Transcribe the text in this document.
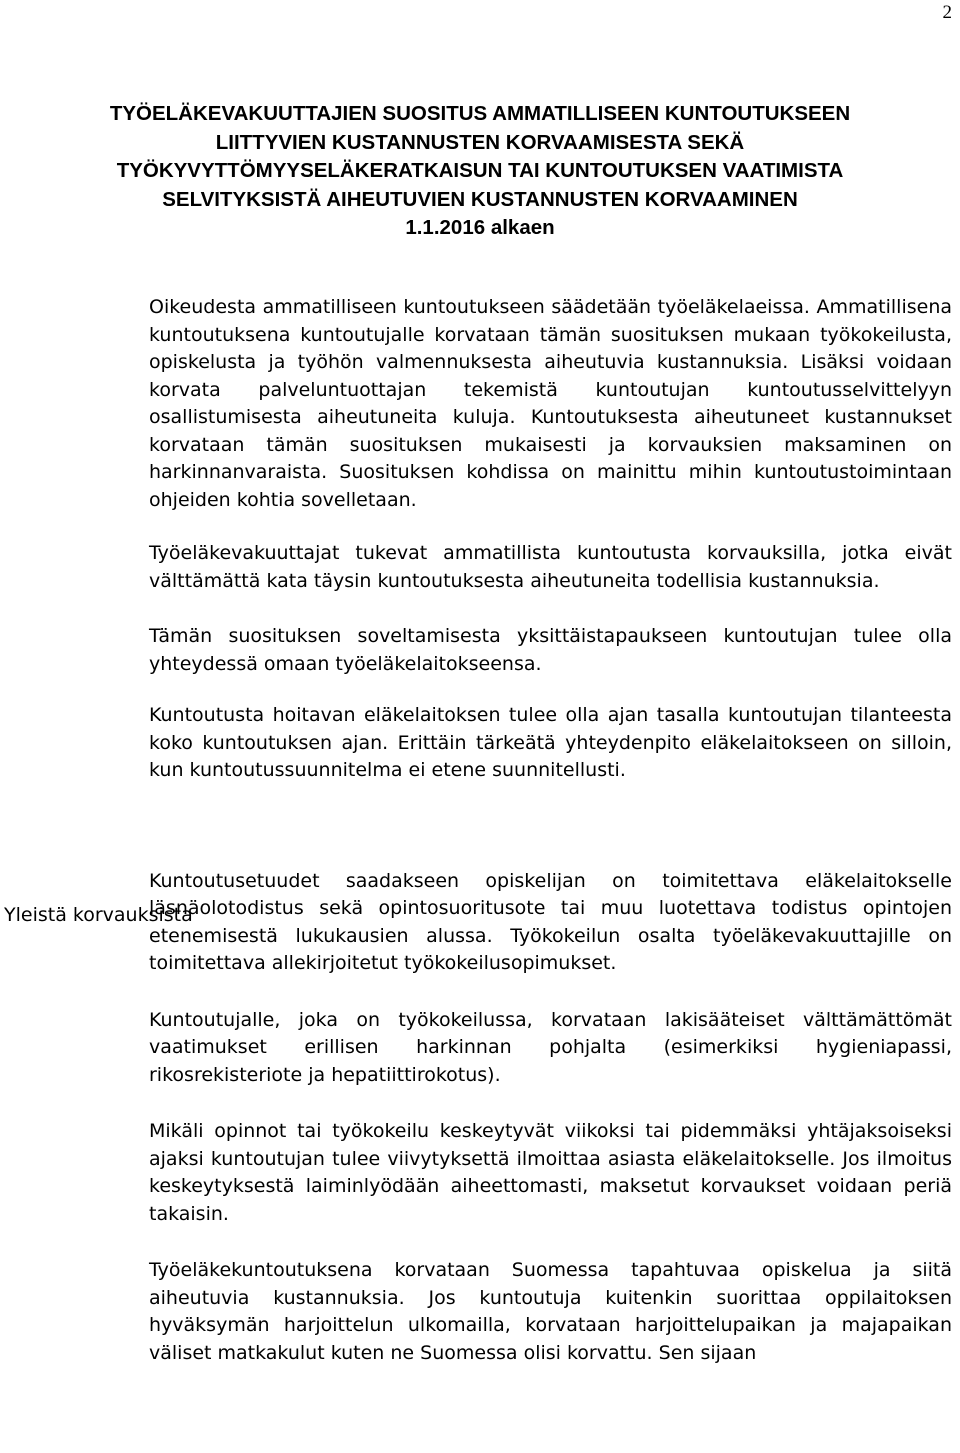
2
TYÖELÄKEVAKUUTTAJIEN SUOSITUS AMMATILLISEEN KUNTOUTUKSEEN
LIITTYVIEN KUSTANNUSTEN KORVAAMISESTA SEKÄ
TYÖKYVYTTÖMYYSELÄKERATKAISUN TAI KUNTOUTUKSEN VAATIMISTA
SELVITYKSISTÄ AIHEUTUVIEN KUSTANNUSTEN KORVAAMINEN
1.1.2016 alkaen
Yleistä korvauksista

Oikeudesta ammatilliseen kuntoutukseen säädetään työeläkelaeissa. Ammatillisena kuntoutuksena kuntoutujalle korvataan tämän suosituksen mukaan työkokeilusta, opiskelusta ja työhön valmennuksesta aiheutuvia kustannuksia. Lisäksi voidaan korvata palveluntuottajan tekemistä kuntoutujan kuntoutusselvittelyyn osallistumisesta aiheutuneita kuluja. Kuntoutuksesta aiheutuneet kustannukset korvataan tämän suosituksen mukaisesti ja korvauksien maksaminen on harkinnanvaraista. Suosituksen kohdissa on mainittu mihin kuntoutustoimintaan ohjeiden kohtia sovelletaan.

Työeläkevakuuttajat tukevat ammatillista kuntoutusta korvauksilla, jotka eivät välttämättä kata täysin kuntoutuksesta aiheutuneita todellisia kustannuksia.

Tämän suosituksen soveltamisesta yksittäistapaukseen kuntoutujan tulee olla yhteydessä omaan työeläkelaitokseensa.

Kuntoutusta hoitavan eläkelaitoksen tulee olla ajan tasalla kuntoutujan tilanteesta koko kuntoutuksen ajan. Erittäin tärkeätä yhteydenpito eläkelaitokseen on silloin, kun kuntoutussuunnitelma ei etene suunnitellusti.

Kuntoutusetuudet saadakseen opiskelijan on toimitettava eläkelaitokselle läsnäolotodistus sekä opintosuoritusote tai muu luotettava todistus opintojen etenemisestä lukukausien alussa. Työkokeilun osalta työeläkevakuuttajille on toimitettava allekirjoitetut työkokeilusopimukset.

Kuntoutujalle, joka on työkokeilussa, korvataan lakisääteiset välttämättömät vaatimukset erillisen harkinnan pohjalta (esimerkiksi hygieniapassi, rikosrekisteriote ja hepatiittirokotus).

Mikäli opinnot tai työkokeilu keskeytyvät viikoksi tai pidemmäksi yhtäjaksoiseksi ajaksi kuntoutujan tulee viivytyksettä ilmoittaa asiasta eläkelaitokselle. Jos ilmoitus keskeytyksestä laiminlyödään aiheettomasti, maksetut korvaukset voidaan periä takaisin.

Työeläkekuntoutuksena korvataan Suomessa tapahtuvaa opiskelua ja siitä aiheutuvia kustannuksia. Jos kuntoutuja kuitenkin suorittaa oppilaitoksen hyväksymän harjoittelun ulkomailla, korvataan harjoittelupaikan ja majapaikan väliset matkakulut kuten ne Suomessa olisi korvattu. Sen sijaan
